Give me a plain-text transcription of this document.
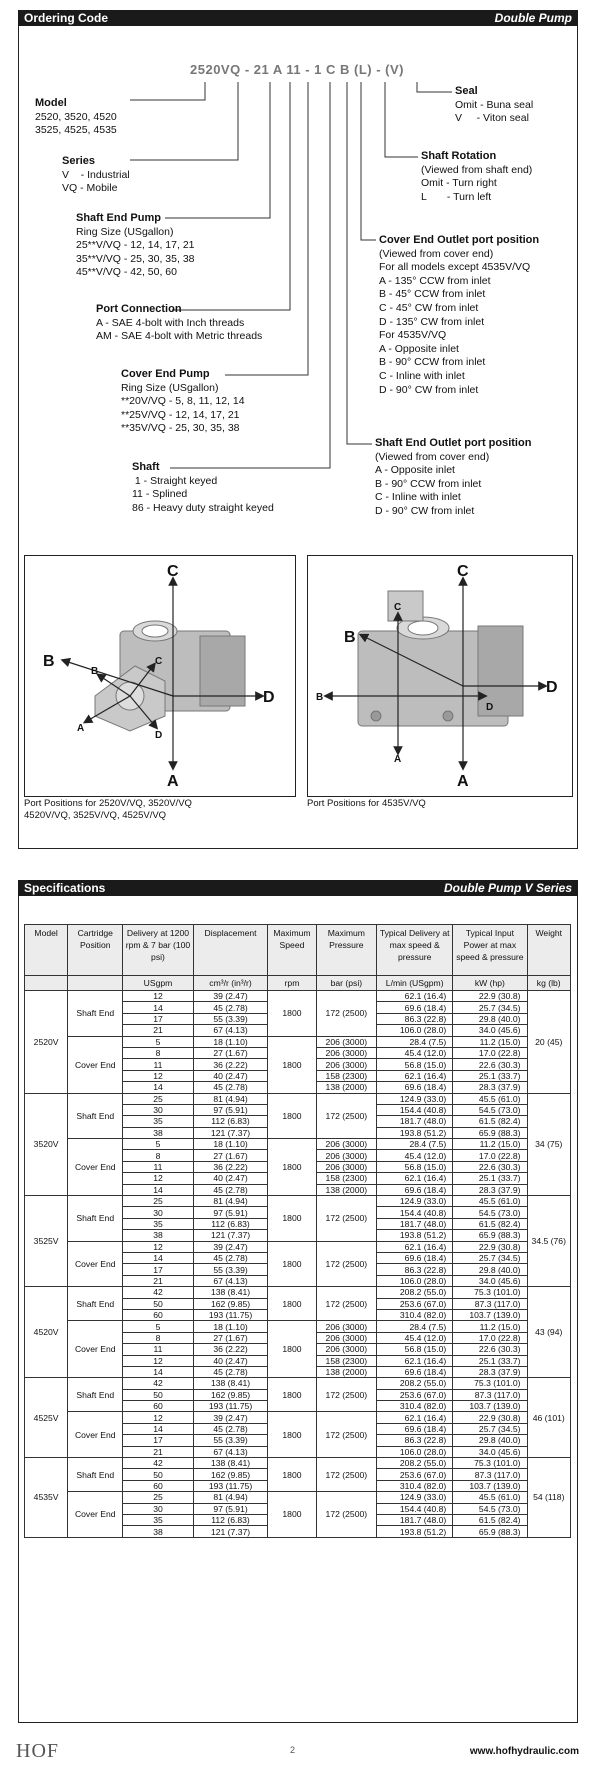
Ordering Code	Double Pump
2520VQ - 21 A 11 - 1 C B (L) - (V)
Model
2520, 3520, 4520
3525, 4525, 4535
Series
V    - Industrial
VQ - Mobile
Shaft End Pump
Ring Size (USgallon)
25**V/VQ - 12, 14, 17, 21
35**V/VQ - 25, 30, 35, 38
45**V/VQ - 42, 50, 60
Port Connection
A - SAE 4-bolt with Inch threads
AM - SAE 4-bolt with Metric threads
Cover End Pump
Ring Size (USgallon)
**20V/VQ - 5, 8, 11, 12, 14
**25V/VQ - 12, 14, 17, 21
**35V/VQ - 25, 30, 35, 38
Shaft
1 - Straight keyed
11 - Splined
86 - Heavy duty straight keyed
Seal
Omit - Buna seal
V     - Viton seal
Shaft Rotation
(Viewed from shaft end)
Omit - Turn right
L       - Turn left
Cover End Outlet port position
(Viewed from cover end)
For all models except 4535V/VQ
A - 135° CCW from inlet
B - 45° CCW from inlet
C - 45° CW from inlet
D - 135° CW from inlet
For 4535V/VQ
A - Opposite inlet
B - 90° CCW from inlet
C - Inline with inlet
D - 90° CW from inlet
Shaft End Outlet port position
(Viewed from cover end)
A - Opposite inlet
B - 90° CCW from inlet
C - Inline with inlet
D - 90° CW from inlet
C
A
D
B
B
C
A
D
Port Positions for 2520V/VQ, 3520V/VQ
4520V/VQ, 3525V/VQ, 4525V/VQ
C
A
D
B
C
A
B
D
Port Positions for 4535V/VQ
Specifications	Double Pump V Series
Model	Cartridge Position	Delivery at 1200 rpm & 7 bar (100 psi)	Displacement	Maximum Speed	Maximum Pressure	Typical Delivery at max speed & pressure	Typical Input Power at max speed & pressure	Weight
		USgpm	cm³/r (in³/r)	rpm	bar (psi)	L/min (USgpm)	kW (hp)	kg (lb)
2520V	Shaft End	12	39 (2.47)	1800	172 (2500)	62.1 (16.4)	22.9 (30.8)	20 (45)
		14	45 (2.78)			69.6 (18.4)	25.7 (34.5)	
		17	55 (3.39)			86.3 (22.8)	29.8 (40.0)	
		21	67 (4.13)			106.0 (28.0)	34.0 (45.6)	
	Cover End	5	18 (1.10)	1800	206 (3000)	28.4 (7.5)	11.2 (15.0)	
		8	27 (1.67)		206 (3000)	45.4 (12.0)	17.0 (22.8)	
		11	36 (2.22)		206 (3000)	56.8 (15.0)	22.6 (30.3)	
		12	40 (2.47)		158 (2300)	62.1 (16.4)	25.1 (33.7)	
		14	45 (2.78)		138 (2000)	69.6 (18.4)	28.3 (37.9)	
3520V	Shaft End	25	81 (4.94)	1800	172 (2500)	124.9 (33.0)	45.5 (61.0)	34 (75)
		30	97 (5.91)			154.4 (40.8)	54.5 (73.0)	
		35	112 (6.83)			181.7 (48.0)	61.5 (82.4)	
		38	121 (7.37)			193.8 (51.2)	65.9 (88.3)	
	Cover End	5	18 (1.10)	1800	206 (3000)	28.4 (7.5)	11.2 (15.0)	
		8	27 (1.67)		206 (3000)	45.4 (12.0)	17.0 (22.8)	
		11	36 (2.22)		206 (3000)	56.8 (15.0)	22.6 (30.3)	
		12	40 (2.47)		158 (2300)	62.1 (16.4)	25.1 (33.7)	
		14	45 (2.78)		138 (2000)	69.6 (18.4)	28.3 (37.9)	
3525V	Shaft End	25	81 (4.94)	1800	172 (2500)	124.9 (33.0)	45.5 (61.0)	34.5 (76)
		30	97 (5.91)			154.4 (40.8)	54.5 (73.0)	
		35	112 (6.83)			181.7 (48.0)	61.5 (82.4)	
		38	121 (7.37)			193.8 (51.2)	65.9 (88.3)	
	Cover End	12	39 (2.47)	1800	172 (2500)	62.1 (16.4)	22.9 (30.8)	
		14	45 (2.78)			69.6 (18.4)	25.7 (34.5)	
		17	55 (3.39)			86.3 (22.8)	29.8 (40.0)	
		21	67 (4.13)			106.0 (28.0)	34.0 (45.6)	
4520V	Shaft End	42	138 (8.41)	1800	172 (2500)	208.2 (55.0)	75.3 (101.0)	43 (94)
		50	162 (9.85)			253.6 (67.0)	87.3 (117.0)	
		60	193 (11.75)			310.4 (82.0)	103.7 (139.0)	
	Cover End	5	18 (1.10)	1800	206 (3000)	28.4 (7.5)	11.2 (15.0)	
		8	27 (1.67)		206 (3000)	45.4 (12.0)	17.0 (22.8)	
		11	36 (2.22)		206 (3000)	56.8 (15.0)	22.6 (30.3)	
		12	40 (2.47)		158 (2300)	62.1 (16.4)	25.1 (33.7)	
		14	45 (2.78)		138 (2000)	69.6 (18.4)	28.3 (37.9)	
4525V	Shaft End	42	138 (8.41)	1800	172 (2500)	208.2 (55.0)	75.3 (101.0)	46 (101)
		50	162 (9.85)			253.6 (67.0)	87.3 (117.0)	
		60	193 (11.75)			310.4 (82.0)	103.7 (139.0)	
	Cover End	12	39 (2.47)	1800	172 (2500)	62.1 (16.4)	22.9 (30.8)	
		14	45 (2.78)			69.6 (18.4)	25.7 (34.5)	
		17	55 (3.39)			86.3 (22.8)	29.8 (40.0)	
		21	67 (4.13)			106.0 (28.0)	34.0 (45.6)	
4535V	Shaft End	42	138 (8.41)	1800	172 (2500)	208.2 (55.0)	75.3 (101.0)	54 (118)
		50	162 (9.85)			253.6 (67.0)	87.3 (117.0)	
		60	193 (11.75)			310.4 (82.0)	103.7 (139.0)	
	Cover End	25	81 (4.94)	1800	172 (2500)	124.9 (33.0)	45.5 (61.0)	
		30	97 (5.91)			154.4 (40.8)	54.5 (73.0)	
		35	112 (6.83)			181.7 (48.0)	61.5 (82.4)	
		38	121 (7.37)			193.8 (51.2)	65.9 (88.3)	
HOF	2	www.hofhydraulic.com
